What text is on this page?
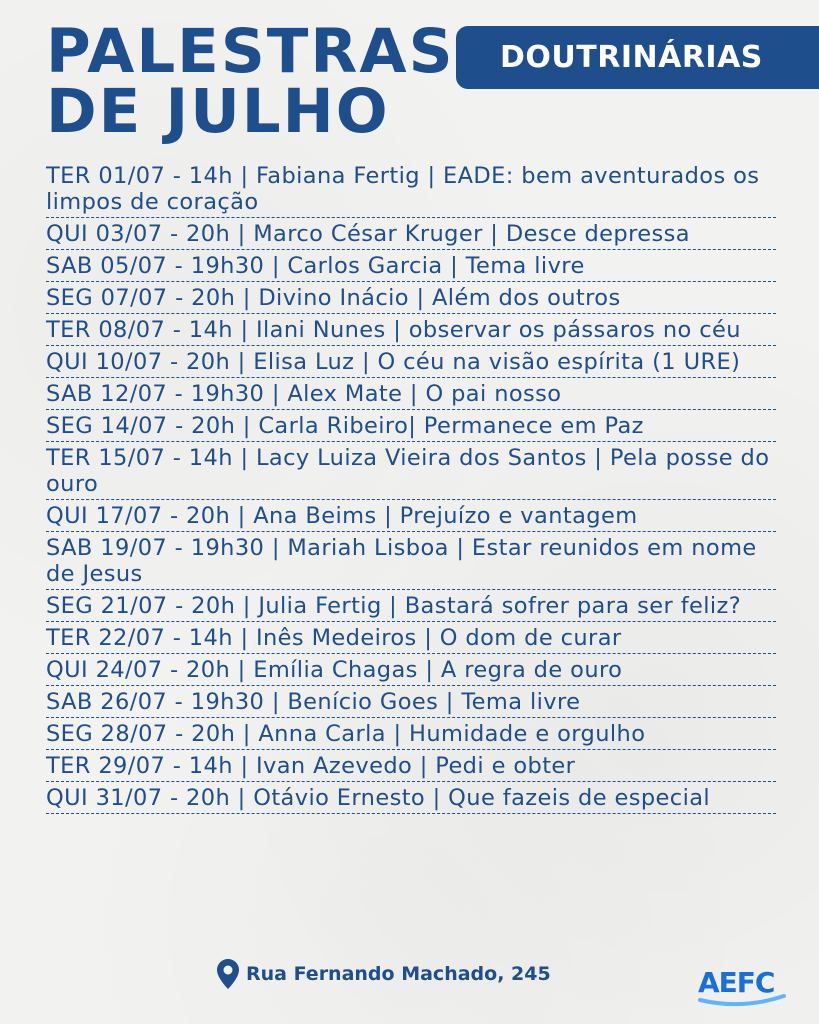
PALESTRAS
DE JULHO
DOUTRINÁRIAS
TER 01/07 - 14h | Fabiana Fertig | EADE: bem aventurados os limpos de coração
QUI 03/07 - 20h | Marco César Kruger | Desce depressa
SAB 05/07 - 19h30 | Carlos Garcia | Tema livre
SEG 07/07 - 20h | Divino Inácio | Além dos outros
TER 08/07 - 14h | Ilani Nunes | observar os pássaros no céu
QUI 10/07 - 20h | Elisa Luz | O céu na visão espírita (1 URE)
SAB 12/07 - 19h30 | Alex Mate | O pai nosso
SEG 14/07 - 20h | Carla Ribeiro| Permanece em Paz
TER 15/07 - 14h | Lacy Luiza Vieira dos Santos | Pela posse do ouro
QUI 17/07 - 20h | Ana Beims | Prejuízo e vantagem
SAB 19/07 - 19h30 | Mariah Lisboa | Estar reunidos em nome de Jesus
SEG 21/07 - 20h | Julia Fertig | Bastará sofrer para ser feliz?
TER 22/07 - 14h | Inês Medeiros | O dom de curar
QUI 24/07 - 20h | Emília Chagas | A regra de ouro
SAB 26/07 - 19h30 | Benício Goes | Tema livre
SEG 28/07 - 20h | Anna Carla | Humidade e orgulho
TER 29/07 - 14h | Ivan Azevedo | Pedi e obter
QUI 31/07 - 20h | Otávio Ernesto | Que fazeis de especial
Rua Fernando Machado, 245	AEFC
